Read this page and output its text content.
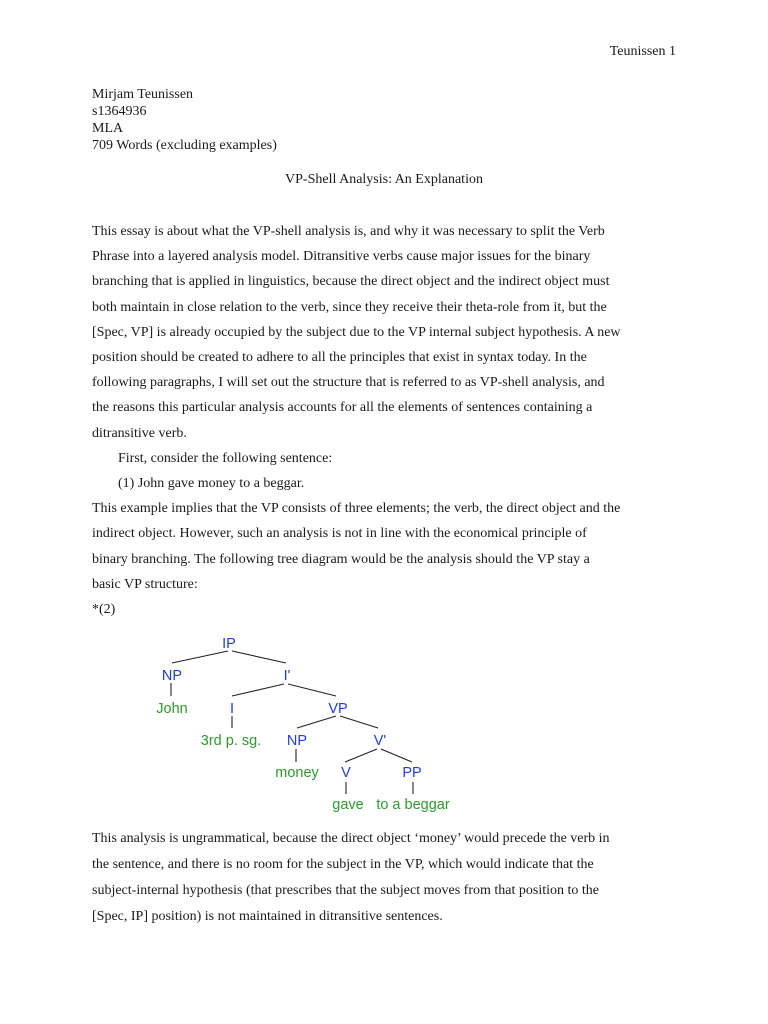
Teunissen 1
Mirjam Teunissen
s1364936
MLA
709 Words (excluding examples)
VP-Shell Analysis: An Explanation
This essay is about what the VP-shell analysis is, and why it was necessary to split the Verb
Phrase into a layered analysis model. Ditransitive verbs cause major issues for the binary
branching that is applied in linguistics, because the direct object and the indirect object must
both maintain in close relation to the verb, since they receive their theta-role from it, but the
[Spec, VP] is already occupied by the subject due to the VP internal subject hypothesis. A new
position should be created to adhere to all the principles that exist in syntax today. In the
following paragraphs, I will set out the structure that is referred to as VP-shell analysis, and
the reasons this particular analysis accounts for all the elements of sentences containing a
ditransitive verb.
First, consider the following sentence:
(1) John gave money to a beggar.
This example implies that the VP consists of three elements; the verb, the direct object and the
indirect object. However, such an analysis is not in line with the economical principle of
binary branching. The following tree diagram would be the analysis should the VP stay a
basic VP structure:
*(2)
IP
NP	I'
John	I	VP
3rd p. sg. NP	V'
money V	PP
gave to a beggar
This analysis is ungrammatical, because the direct object ‘money’ would precede the verb in
the sentence, and there is no room for the subject in the VP, which would indicate that the
subject-internal hypothesis (that prescribes that the subject moves from that position to the
[Spec, IP] position) is not maintained in ditransitive sentences.
